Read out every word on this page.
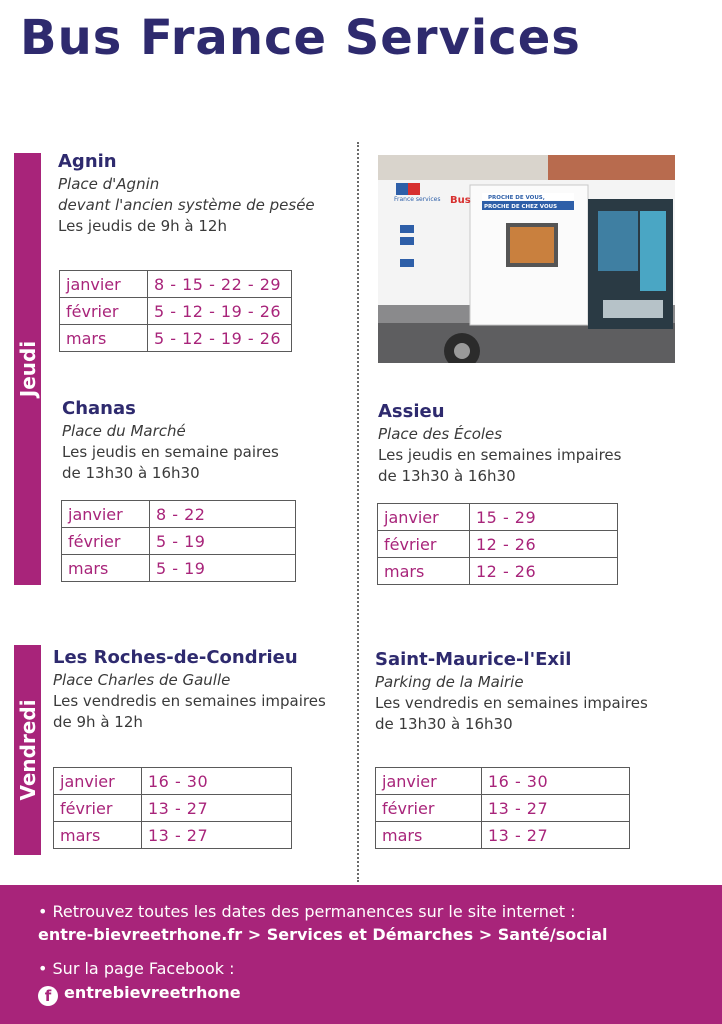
Bus France Services
Jeudi
Vendredi
Agnin
Place d'Agnin
devant l'ancien système de pesée
Les jeudis de 9h à 12h
janvier	8 - 15 - 22 - 29
février	5 - 12 - 19 - 26
mars	5 - 12 - 19 - 26
France services Bus	PROCHE DE VOUS,
PROCHE DE CHEZ VOUS
Chanas
Place du Marché
Les jeudis en semaine paires
de 13h30 à 16h30
janvier	8 - 22
février	5 - 19
mars	5 - 19
Assieu
Place des Écoles
Les jeudis en semaines impaires
de 13h30 à 16h30
janvier	15 - 29
février	12 - 26
mars	12 - 26
Les Roches-de-Condrieu
Place Charles de Gaulle
Les vendredis en semaines impaires
de 9h à 12h
janvier	16 - 30
février	13 - 27
mars	13 - 27
Saint-Maurice-l'Exil
Parking de la Mairie
Les vendredis en semaines impaires
de 13h30 à 16h30
janvier	16 - 30
février	13 - 27
mars	13 - 27
• Retrouvez toutes les dates des permanences sur le site internet :
entre-bievreetrhone.fr > Services et Démarches > Santé/social
• Sur la page Facebook :
f entrebievreetrhone
